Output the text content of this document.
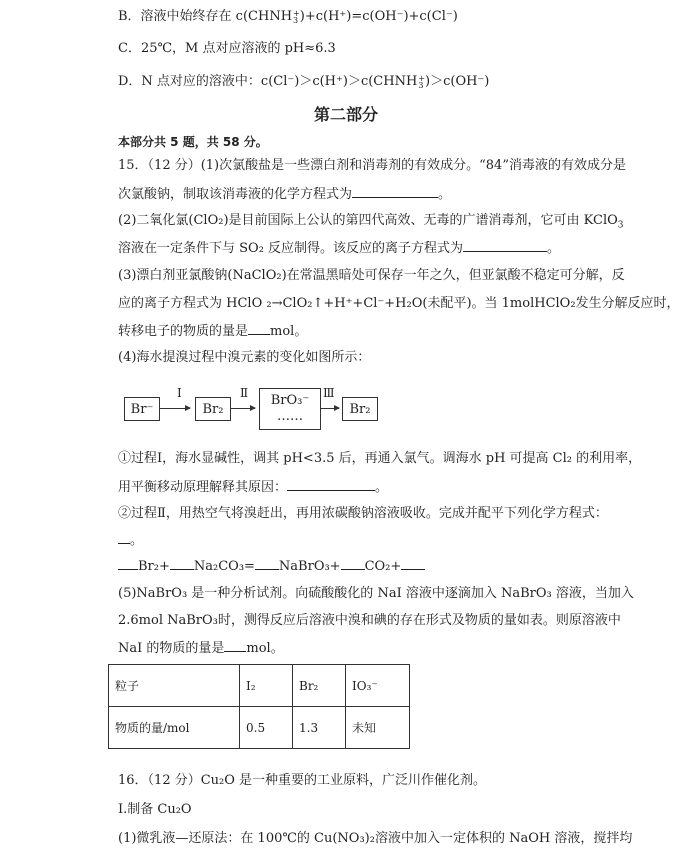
B．溶液中始终存在 c(CHNH +
3 )+c(H⁺)=c(OH⁻)+c(Cl⁻)
C．25℃，M 点对应溶液的 pH≈6.3
D．N 点对应的溶液中：c(Cl⁻)＞c(H⁺)＞c(CHNH +
3 )＞c(OH⁻)
第二部分
本部分共 5 题，共 58 分。
15．（12 分）(1)次氯酸盐是一些漂白剂和消毒剂的有效成分。“84”消毒液的有效成分是
次氯酸钠，制取该消毒液的化学方程式为	。
(2)二氧化氯(ClO₂)是目前国际上公认的第四代高效、无毒的广谱消毒剂，它可由 KClO$_3$
溶液在一定条件下与 SO₂ 反应制得。该反应的离子方程式为	。
(3)漂白剂亚氯酸钠(NaClO₂)在常温黑暗处可保存一年之久，但亚氯酸不稳定可分解，反
应的离子方程式为 HClO ₂→ClO₂↑+H⁺+Cl⁻+H₂O(未配平)。当 1molHClO₂发生分解反应时，
转移电子的物质的量是 mol。
(4)海水提溴过程中溴元素的变化如图所示：
Br⁻
I
Br₂
Ⅱ BrO₃⁻
……
Ⅲ
Br₂
①过程Ⅰ，海水显碱性，调其 pH<3.5 后，再通入氯气。调海水 pH 可提高 Cl₂ 的利用率，
用平衡移动原理解释其原因：	。
②过程Ⅱ，用热空气将溴赶出，再用浓碳酸钠溶液吸收。完成并配平下列化学方程式：
。
Br₂+ Na₂CO₃= NaBrO₃+ CO₂+
(5)NaBrO₃ 是一种分析试剂。向硫酸酸化的 NaI 溶液中逐滴加入 NaBrO₃ 溶液，当加入
2.6mol NaBrO₃时，测得反应后溶液中溴和碘的存在形式及物质的量如表。则原溶液中
NaI 的物质的量是 mol。
粒子	I₂	Br₂	IO₃⁻
物质的量/mol	0.5	1.3	未知
16．（12 分）Cu₂O 是一种重要的工业原料，广泛川作催化剂。
Ⅰ.制备 Cu₂O
(1)微乳液—还原法：在 100℃的 Cu(NO₃)₂溶液中加入一定体积的 NaOH 溶液，搅拌均
